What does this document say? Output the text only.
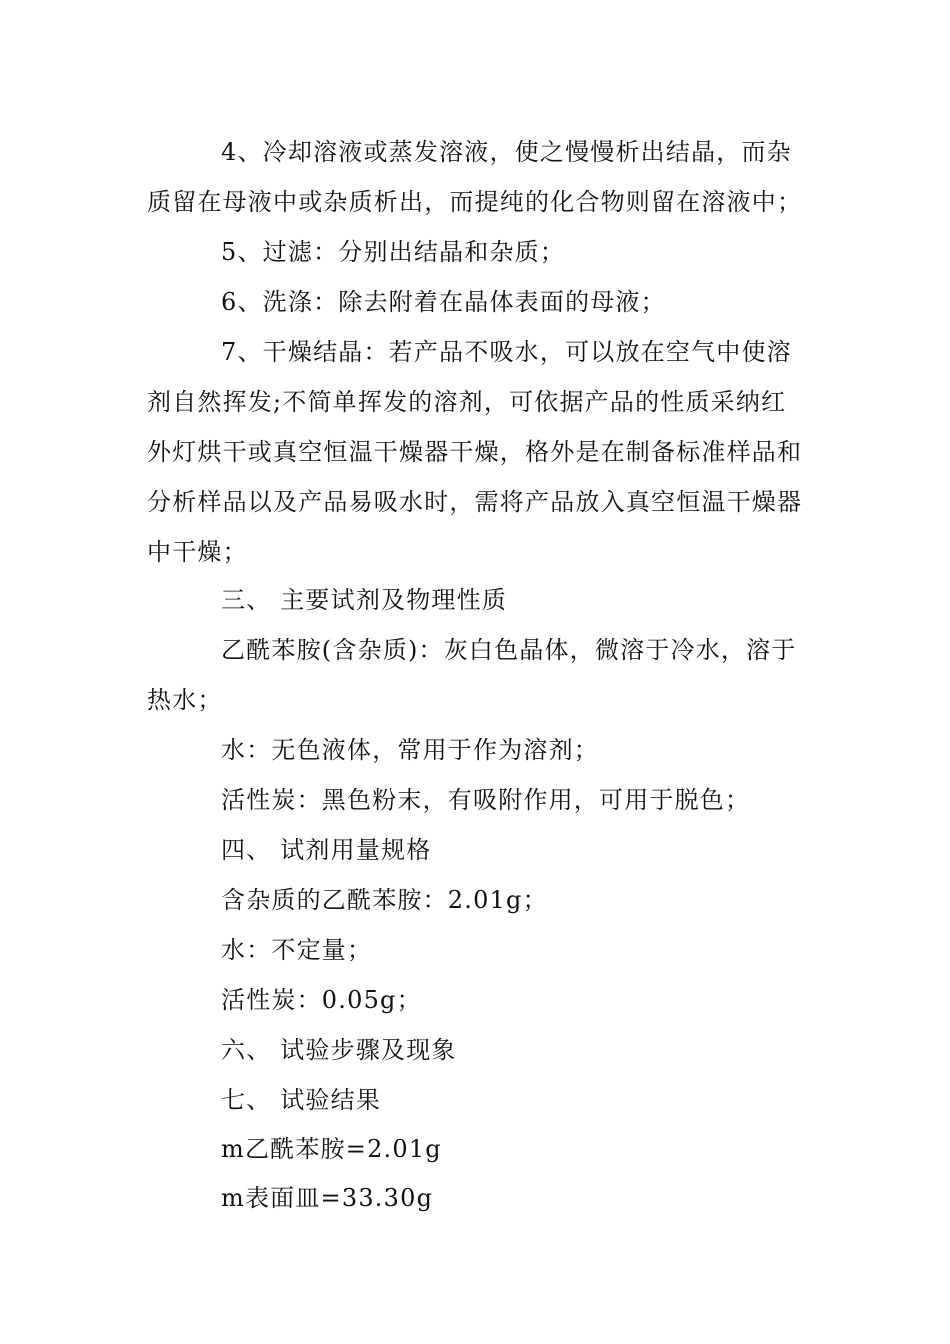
4、冷却溶液或蒸发溶液，使之慢慢析出结晶，而杂质留在母液中或杂质析出，而提纯的化合物则留在溶液中；

5、过滤：分别出结晶和杂质；

6、洗涤：除去附着在晶体表面的母液；

7、干燥结晶：若产品不吸水，可以放在空气中使溶剂自然挥发;不简单挥发的溶剂，可依据产品的性质采纳红外灯烘干或真空恒温干燥器干燥，格外是在制备标准样品和分析样品以及产品易吸水时，需将产品放入真空恒温干燥器中干燥；

三、 主要试剂及物理性质

乙酰苯胺(含杂质)：灰白色晶体，微溶于冷水，溶于热水；

水：无色液体，常用于作为溶剂；

活性炭：黑色粉末，有吸附作用，可用于脱色；

四、 试剂用量规格

含杂质的乙酰苯胺：2.01g；

水：不定量；

活性炭：0.05g；

六、 试验步骤及现象

七、 试验结果

m乙酰苯胺=2.01g

m表面皿=33.30g
